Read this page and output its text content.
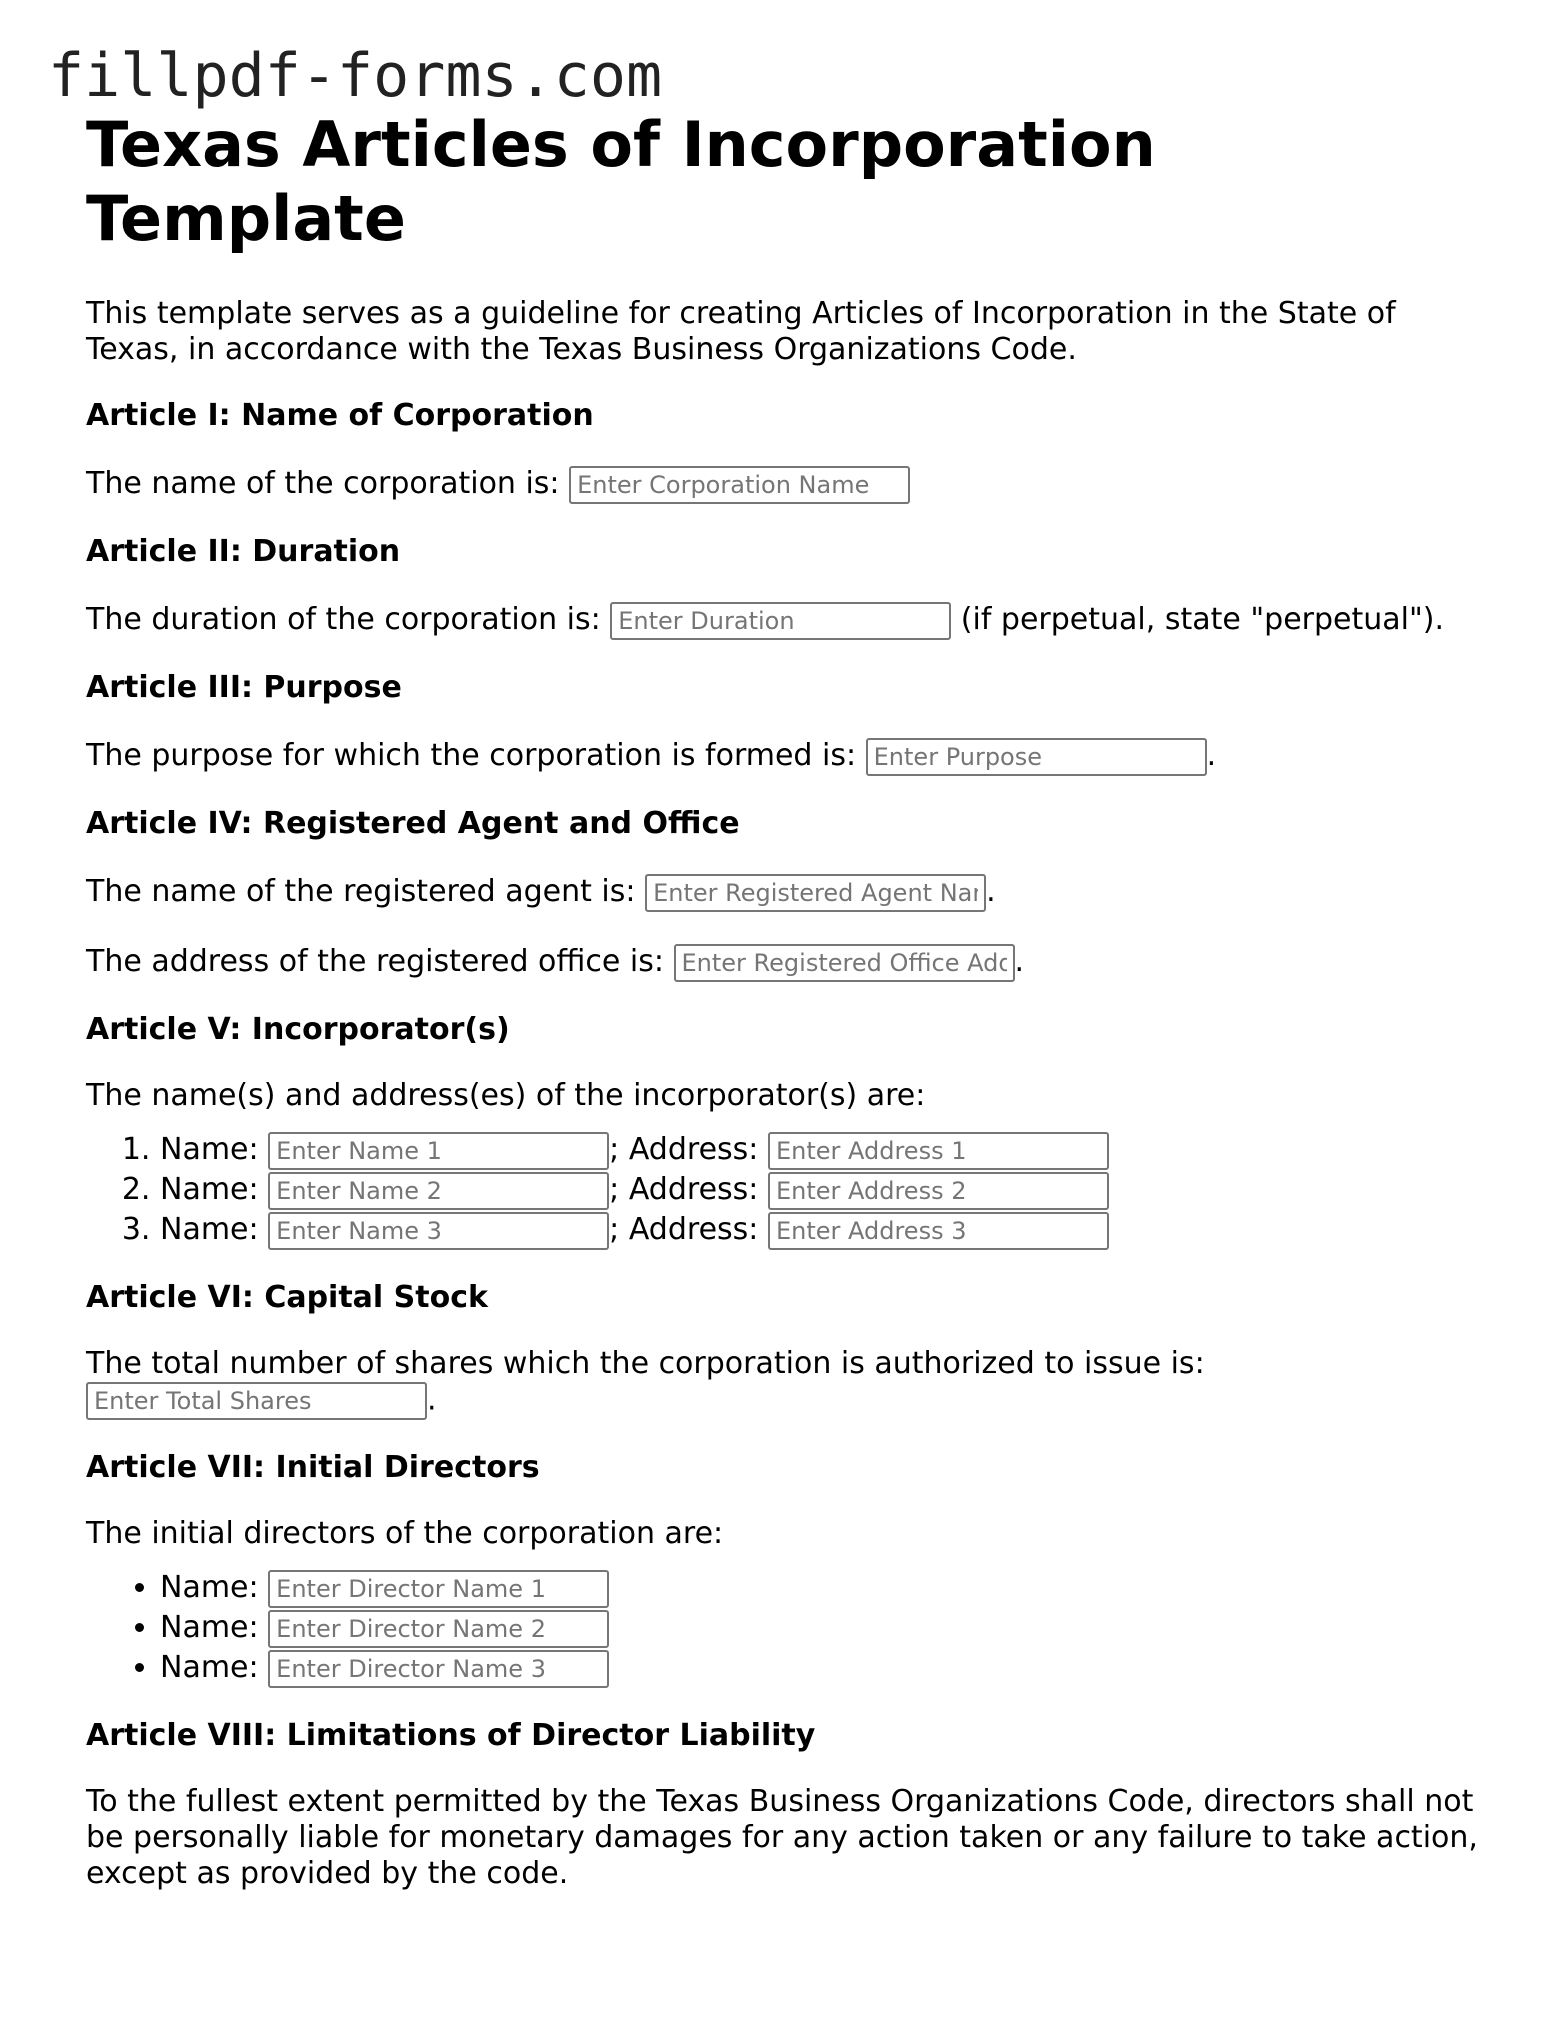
fillpdf-forms.com
Texas Articles of Incorporation Template

This template serves as a guideline for creating Articles of Incorporation in the State of Texas, in accordance with the Texas Business Organizations Code.

Article I: Name of Corporation
The name of the corporation is: Enter Corporation Name
Article II: Duration
The duration of the corporation is: Enter Duration	(if perpetual, state "perpetual").
Article III: Purpose
The purpose for which the corporation is formed is: Enter Purpose	.
Article IV: Registered Agent and Office
The name of the registered agent is: Enter Registered Agent Name	.
The address of the registered office is: Enter Registered Office Address	.
Article V: Incorporator(s)

The name(s) and address(es) of the incorporator(s) are:

1. Name: Enter Name 1	; Address: Enter Address 1
2. Name: Enter Name 2	; Address: Enter Address 2
3. Name: Enter Name 3	; Address: Enter Address 3
Article VI: Capital Stock
The total number of shares which the corporation is authorized to issue is:
Enter Total Shares.
Article VII: Initial Directors

The initial directors of the corporation are:

• Name: Enter Director Name 1
• Name: Enter Director Name 2
• Name: Enter Director Name 3
Article VIII: Limitations of Director Liability

To the fullest extent permitted by the Texas Business Organizations Code, directors shall not be personally liable for monetary damages for any action taken or any failure to take action, except as provided by the code.
